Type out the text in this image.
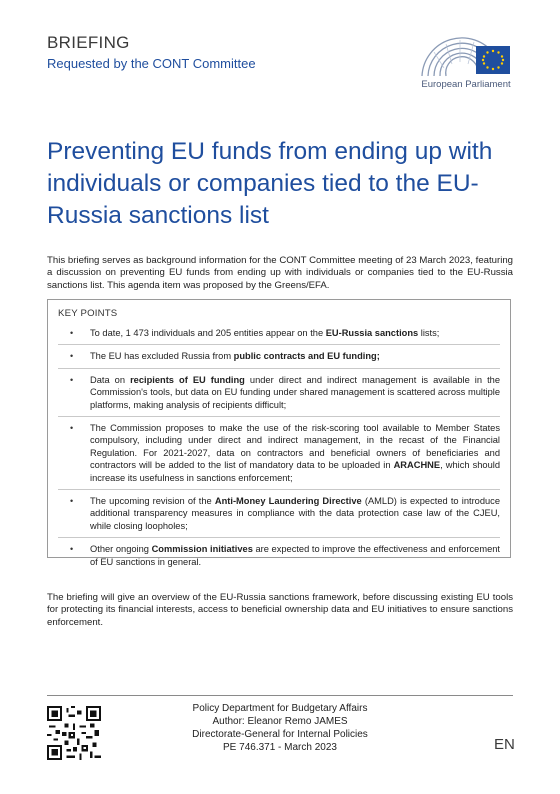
BRIEFING
Requested by the CONT Committee
European Parliament
Preventing EU funds from ending up with individuals or companies tied to the EU-Russia sanctions list

This briefing serves as background information for the CONT Committee meeting of 23 March 2023, featuring a discussion on preventing EU funds from ending up with individuals or companies tied to the EU-Russia sanctions list. This agenda item was proposed by the Greens/EFA.

KEY POINTS
• To date, 1 473 individuals and 205 entities appear on the EU-Russia sanctions lists;
• The EU has excluded Russia from public contracts and EU funding;
• Data on recipients of EU funding under direct and indirect management is available in the Commission's tools, but data on EU funding under shared management is scattered across multiple platforms, making analysis of recipients difficult;
• The Commission proposes to make the use of the risk-scoring tool available to Member States compulsory, including under direct and indirect management, in the recast of the Financial Regulation. For 2021-2027, data on contractors and beneficial owners of beneficiaries and contractors will be added to the list of mandatory data to be uploaded in ARACHNE, which should increase its usefulness in sanctions enforcement;
• The upcoming revision of the Anti-Money Laundering Directive (AMLD) is expected to introduce additional transparency measures in compliance with the data protection case law of the CJEU, while closing loopholes;
• Other ongoing Commission initiatives are expected to improve the effectiveness and enforcement of EU sanctions in general.

The briefing will give an overview of the EU-Russia sanctions framework, before discussing existing EU tools for protecting its financial interests, access to beneficial ownership data and EU initiatives to ensure sanctions enforcement.

Policy Department for Budgetary Affairs
Author: Eleanor Remo JAMES
Directorate-General for Internal Policies
PE 746.371 - March 2023	EN
